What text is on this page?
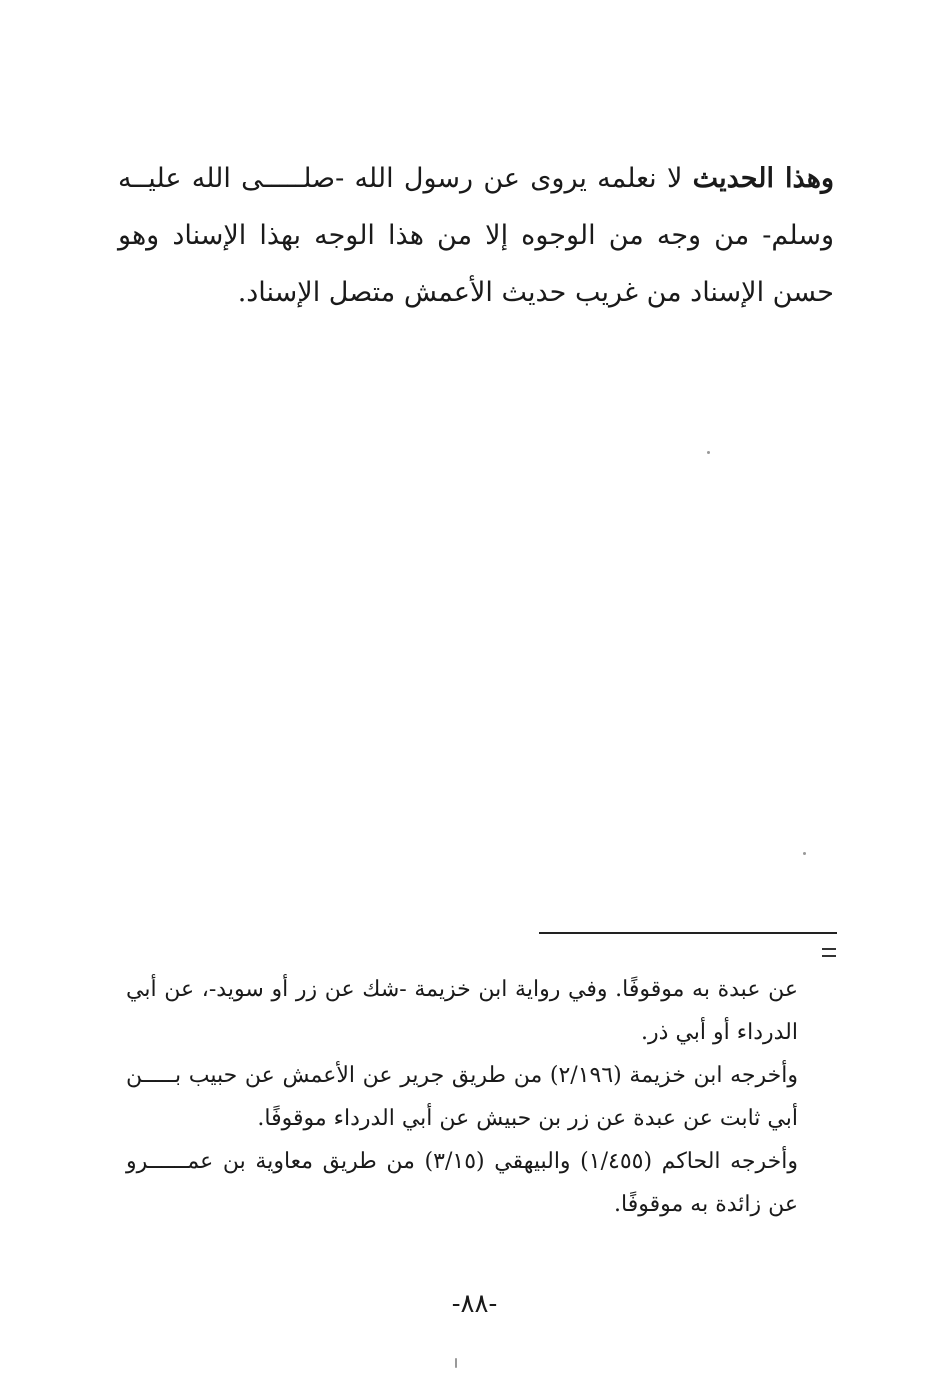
وهذا الحديث لا نعلمه يروى عن رسول الله -صلـــــى الله عليــه وسلم- من وجه من الوجوه إلا من هذا الوجه بهذا الإسناد وهو حسن الإسناد من غريب حديث الأعمش متصل الإسناد.

عن عبدة به موقوفًا. وفي رواية ابن خزيمة -شك عن زر أو سويد-، عن أبي الدرداء أو أبي ذر.

وأخرجه ابن خزيمة (٢/١٩٦) من طريق جرير عن الأعمش عن حبيب بـــــن أبي ثابت عن عبدة عن زر بن حبيش عن أبي الدرداء موقوفًا.

وأخرجه الحاكم (١/٤٥٥) والبيهقي (٣/١٥) من طريق معاوية بن عمــــــرو عن زائدة به موقوفًا.

-٨٨-
